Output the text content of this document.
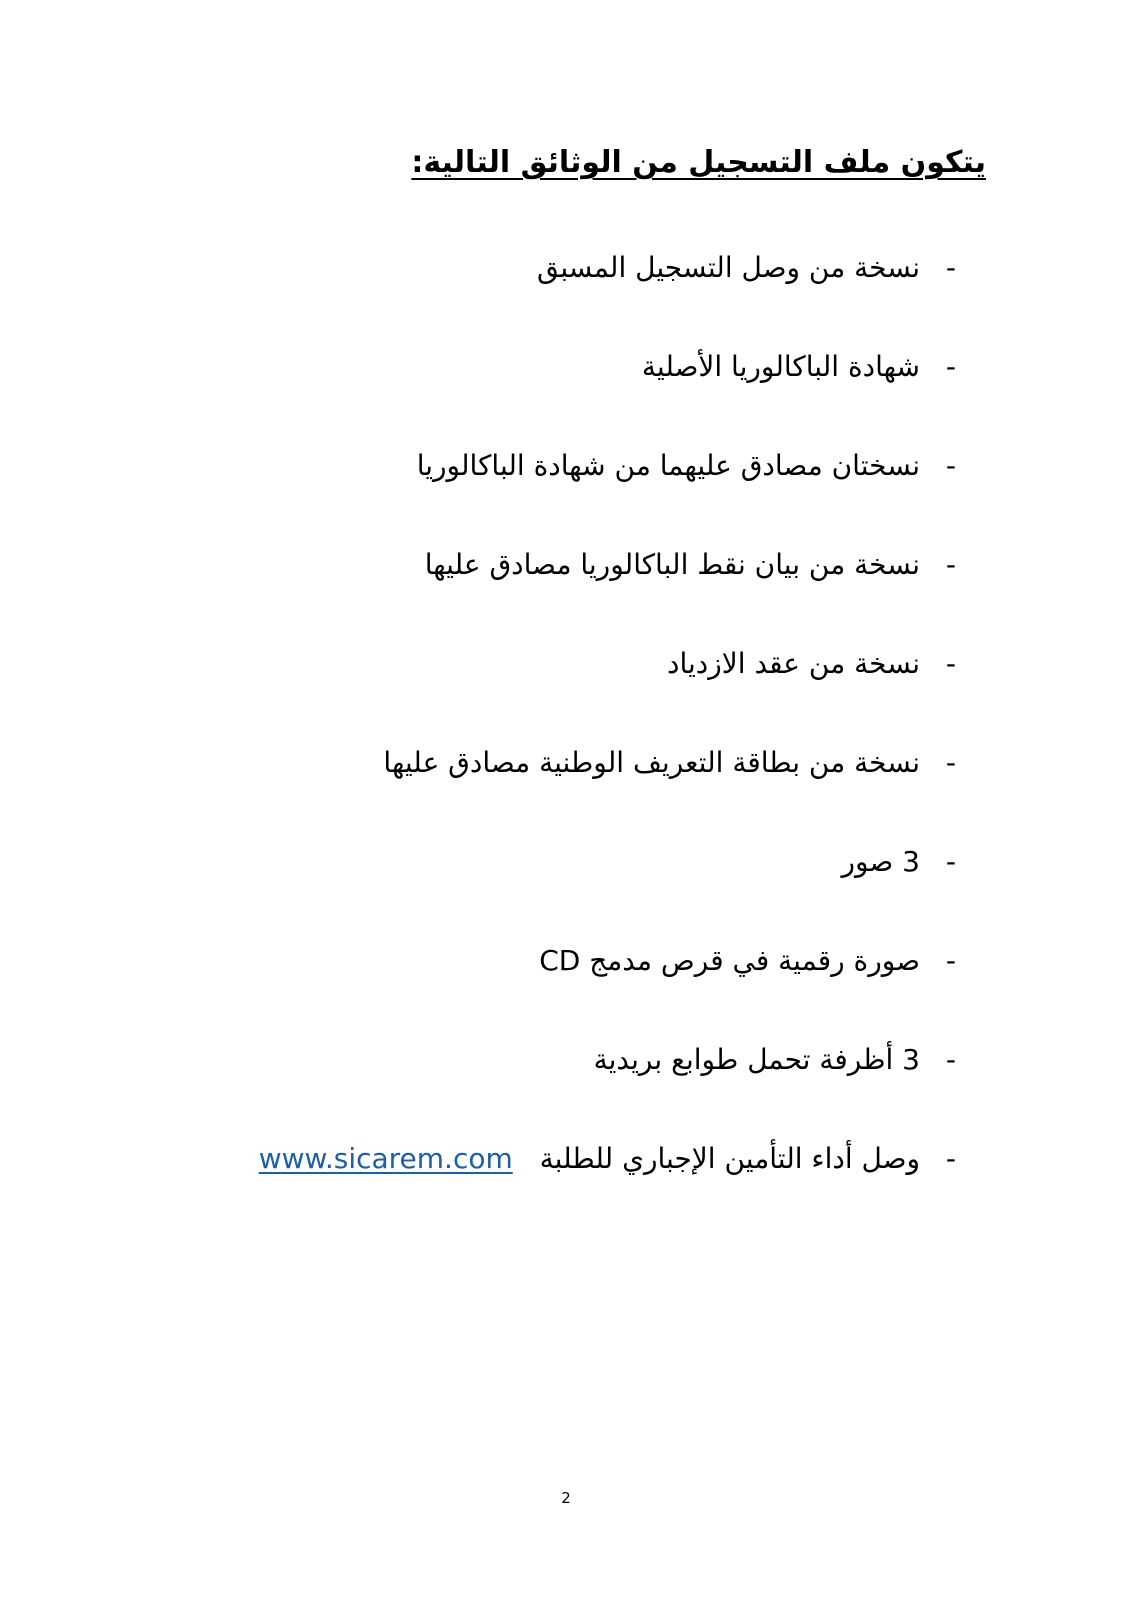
يتكون ملف التسجيل من الوثائق التالية:
-
نسخة من وصل التسجيل المسبق
-
شهادة الباكالوريا الأصلية
-
نسختان مصادق عليهما من شهادة الباكالوريا
-
نسخة من بيان نقط الباكالوريا مصادق عليها
-
نسخة من عقد الازدياد
-
نسخة من بطاقة التعريف الوطنية مصادق عليها
-
3 صور
-
صورة رقمية في قرص مدمج CD
-
3 أظرفة تحمل طوابع بريدية
-
وصل أداء التأمين الإجباري للطلبة www.sicarem.com
2
